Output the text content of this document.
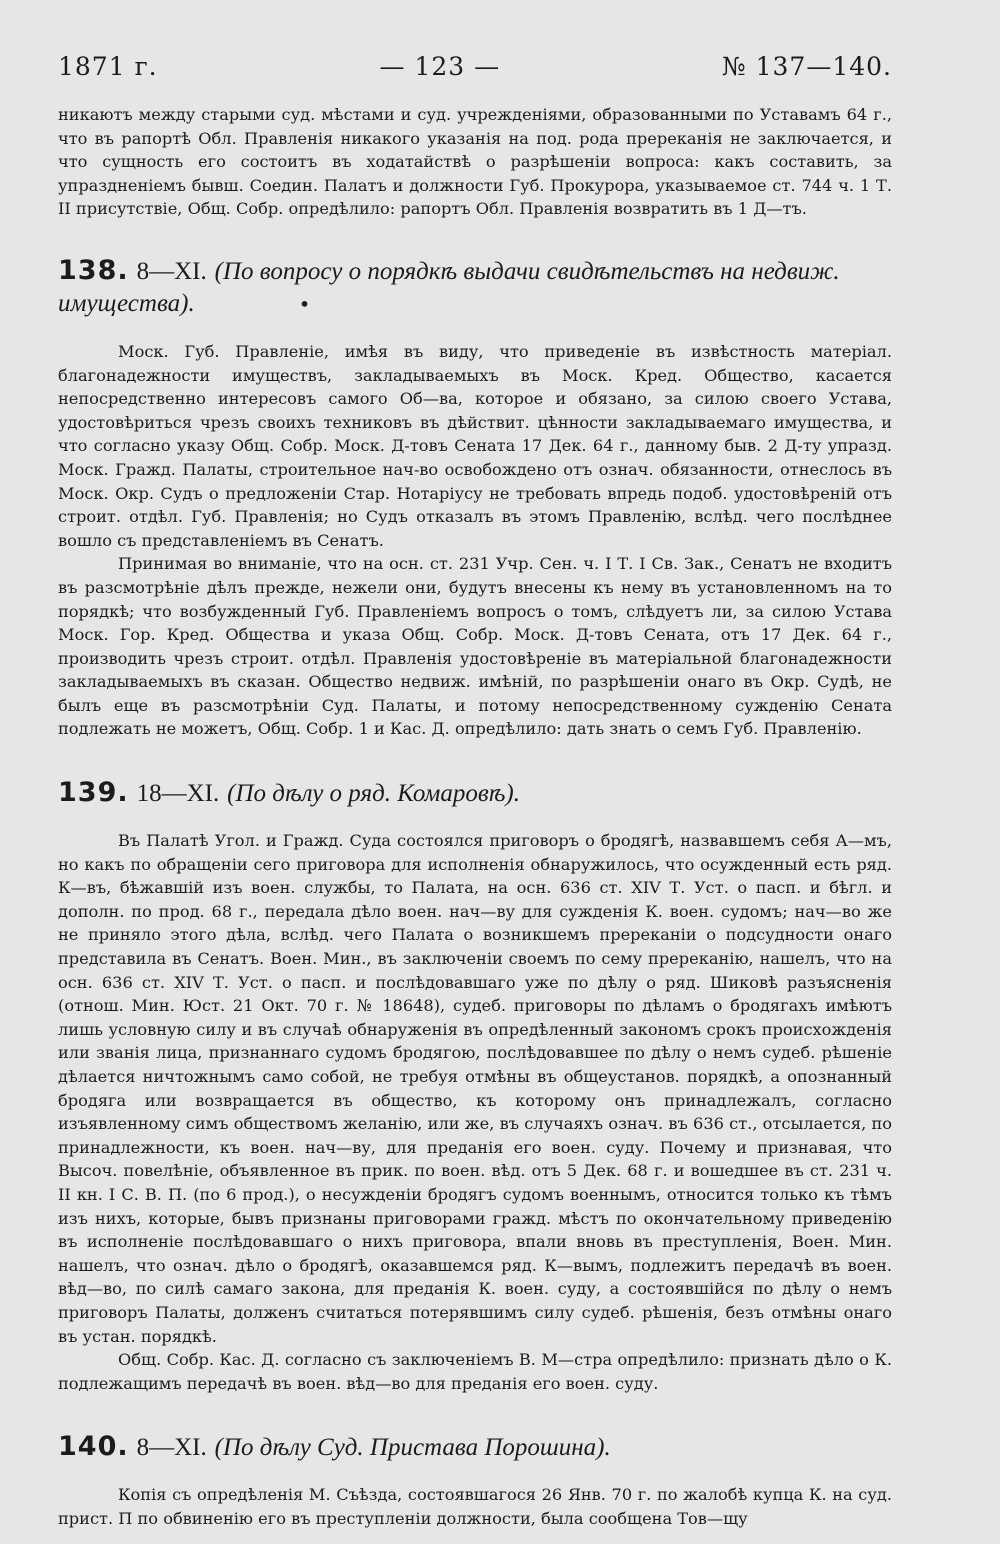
1871 г.	— 123 —	№ 137—140.

никаютъ между старыми суд. мѣстами и суд. учрежденіями, образованными по Уставамъ 64 г., что въ рапортѣ Обл. Правленія никакого указанія на под. рода пререканія не заключается, и что сущность его состоитъ въ ходатайствѣ о разрѣшеніи вопроса: какъ составить, за упраздненіемъ бывш. Соедин. Палатъ и должности Губ. Прокурора, указываемое ст. 744 ч. 1 Т. II присутствіе, Общ. Собр. опредѣлило: рапортъ Обл. Правленія возвратить въ 1 Д—тъ.

138. 8—XI. (По вопросу о порядкѣ выдачи свидѣтельствъ на недвиж. имущества).	•

Моск. Губ. Правленіе, имѣя въ виду, что приведеніе въ извѣстность матеріал. благонадежности имуществъ, закладываемыхъ въ Моск. Кред. Общество, касается непосредственно интересовъ самого Об—ва, которое и обязано, за силою своего Устава, удостовѣриться чрезъ своихъ техниковъ въ дѣйствит. цѣнности закладываемаго имущества, и что согласно указу Общ. Собр. Моск. Д-товъ Сената 17 Дек. 64 г., данному быв. 2 Д-ту упразд. Моск. Гражд. Палаты, строительное нач-во освобождено отъ означ. обязанности, отнеслось въ Моск. Окр. Судъ о предложеніи Стар. Нотаріусу не требовать впредь подоб. удостовѣреній отъ строит. отдѣл. Губ. Правленія; но Судъ отказалъ въ этомъ Правленію, вслѣд. чего послѣднее вошло съ представленіемъ въ Сенатъ.

Принимая во вниманіе, что на осн. ст. 231 Учр. Сен. ч. I Т. I Св. Зак., Сенатъ не входитъ въ разсмотрѣніе дѣлъ прежде, нежели они, будутъ внесены къ нему въ установленномъ на то порядкѣ; что возбужденный Губ. Правленіемъ вопросъ о томъ, слѣдуетъ ли, за силою Устава Моск. Гор. Кред. Общества и указа Общ. Собр. Моск. Д-товъ Сената, отъ 17 Дек. 64 г., производить чрезъ строит. отдѣл. Правленія удостовѣреніе въ матеріальной благонадежности закладываемыхъ въ сказан. Общество недвиж. имѣній, по разрѣшеніи онаго въ Окр. Судѣ, не былъ еще въ разсмотрѣніи Суд. Палаты, и потому непосредственному сужденію Сената подлежать не можетъ, Общ. Собр. 1 и Кас. Д. опредѣлило: дать знать о семъ Губ. Правленію.

139. 18—XI. (По дѣлу о ряд. Комаровѣ).

Въ Палатѣ Угол. и Гражд. Суда состоялся приговоръ о бродягѣ, назвавшемъ себя А—мъ, но какъ по обращеніи сего приговора для исполненія обнаружилось, что осужденный есть ряд. К—въ, бѣжавшій изъ воен. службы, то Палата, на осн. 636 ст. XIV Т. Уст. о пасп. и бѣгл. и дополн. по прод. 68 г., передала дѣло воен. нач—ву для сужденія К. воен. судомъ; нач—во же не приняло этого дѣла, вслѣд. чего Палата о возникшемъ пререканіи о подсудности онаго представила въ Сенатъ. Воен. Мин., въ заключеніи своемъ по сему пререканію, нашелъ, что на осн. 636 ст. XIV Т. Уст. о пасп. и послѣдовавшаго уже по дѣлу о ряд. Шиковѣ разъясненія (отнош. Мин. Юст. 21 Окт. 70 г. № 18648), судеб. приговоры по дѣламъ о бродягахъ имѣютъ лишь условную силу и въ случаѣ обнаруженія въ опредѣленный закономъ срокъ происхожденія или званія лица, признаннаго судомъ бродягою, послѣдовавшее по дѣлу о немъ судеб. рѣшеніе дѣлается ничтожнымъ само собой, не требуя отмѣны въ общеустанов. порядкѣ, а опознанный бродяга или возвращается въ общество, къ которому онъ принадлежалъ, согласно изъявленному симъ обществомъ желанію, или же, въ случаяхъ означ. въ 636 ст., отсылается, по принадлежности, къ воен. нач—ву, для преданія его воен. суду. Почему и признавая, что Высоч. повелѣніе, объявленное въ прик. по воен. вѣд. отъ 5 Дек. 68 г. и вошедшее въ ст. 231 ч. II кн. I С. В. П. (по 6 прод.), о несужденіи бродягъ судомъ военнымъ, относится только къ тѣмъ изъ нихъ, которые, бывъ признаны приговорами гражд. мѣстъ по окончательному приведенію въ исполненіе послѣдовавшаго о нихъ приговора, впали вновь въ преступленія, Воен. Мин. нашелъ, что означ. дѣло о бродягѣ, оказавшемся ряд. К—вымъ, подлежитъ передачѣ въ воен. вѣд—во, по силѣ самаго закона, для преданія К. воен. суду, а состоявшійся по дѣлу о немъ приговоръ Палаты, долженъ считаться потерявшимъ силу судеб. рѣшенія, безъ отмѣны онаго въ устан. порядкѣ.

Общ. Собр. Кас. Д. согласно съ заключеніемъ В. М—стра опредѣлило: признать дѣло о К. подлежащимъ передачѣ въ воен. вѣд—во для преданія его воен. суду.

140. 8—XI. (По дѣлу Суд. Пристава Порошина).

Копія съ опредѣленія М. Съѣзда, состоявшагося 26 Янв. 70 г. по жалобѣ купца К. на суд. прист. П по обвиненію его въ преступленіи должности, была сообщена Тов—щу
